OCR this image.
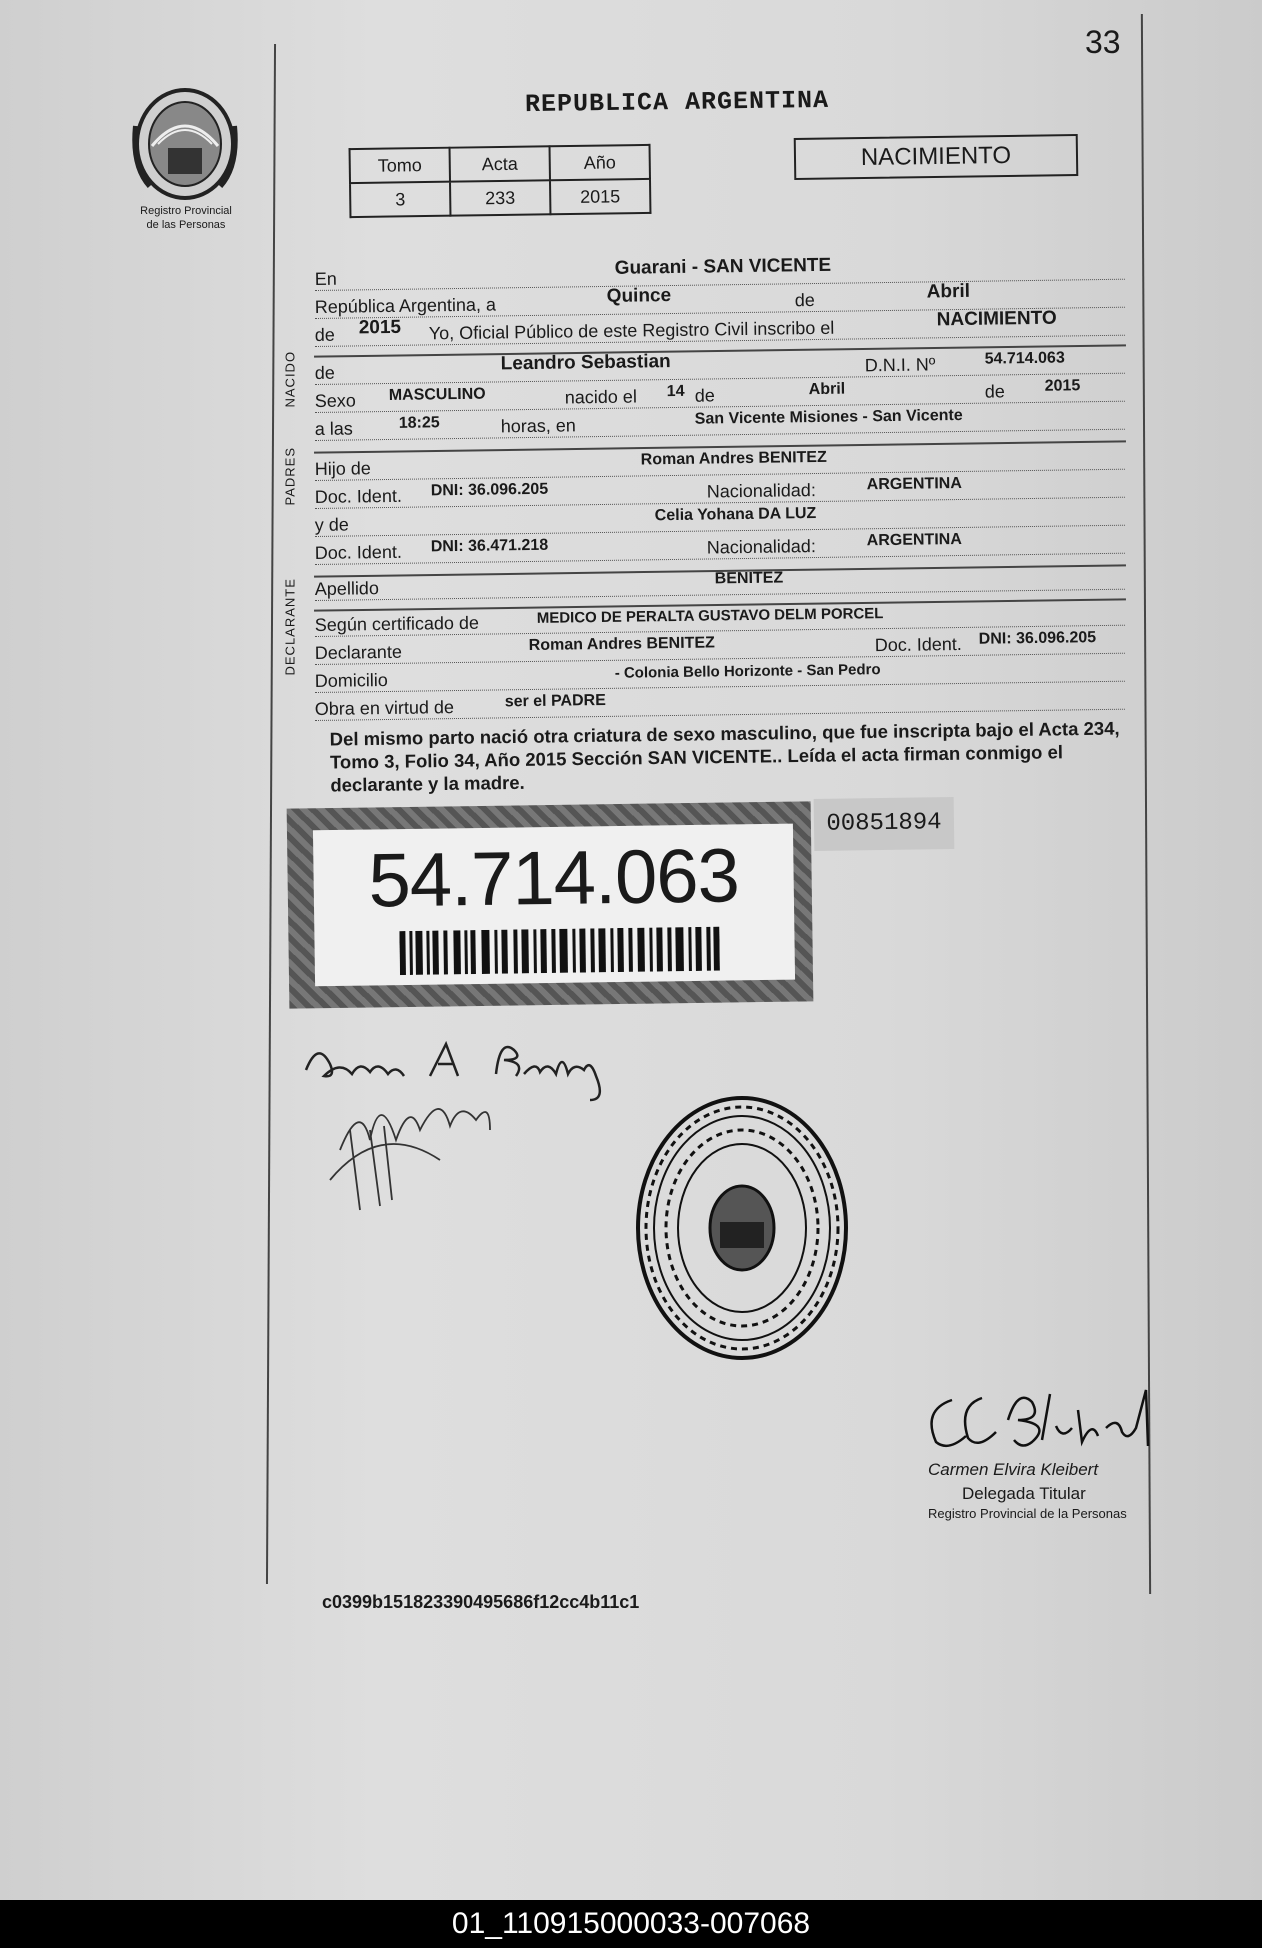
33
Registro Provincial
de las Personas
REPUBLICA ARGENTINA
Tomo	Acta	Año
3	233	2015
NACIMIENTO
NACIDO
PADRES
DECLARANTE
En
Guarani - SAN VICENTE
República Argentina, a	Quince	de	Abril
de 2015 Yo, Oficial Público de este Registro Civil inscribo el	NACIMIENTO
de	Leandro Sebastian	D.N.I. Nº	54.714.063
Sexo MASCULINO	nacido el 14 de	Abril	de 2015
a las	18:25	horas, en	San Vicente Misiones - San Vicente
Hijo de	Roman Andres BENITEZ
Doc. Ident. DNI: 36.096.205	Nacionalidad:	ARGENTINA
y de	Celia Yohana DA LUZ
Doc. Ident. DNI: 36.471.218	Nacionalidad:	ARGENTINA
Apellido	BENITEZ
Según certificado de	MEDICO DE PERALTA GUSTAVO DELM PORCEL
Declarante	Roman Andres BENITEZ	Doc. Ident. DNI: 36.096.205
Domicilio	- Colonia Bello Horizonte - San Pedro
Obra en virtud de	ser el PADRE
Del mismo parto nació otra criatura de sexo masculino, que fue inscripta bajo el Acta 234, Tomo 3, Folio 34, Año 2015 Sección SAN VICENTE.. Leída el acta firman conmigo el declarante y la madre.
54.714.063
00851894
Carmen Elvira Kleibert
Delegada Titular
Registro Provincial de la Personas
c0399b151823390495686f12cc4b11c1
01_110915000033-007068
